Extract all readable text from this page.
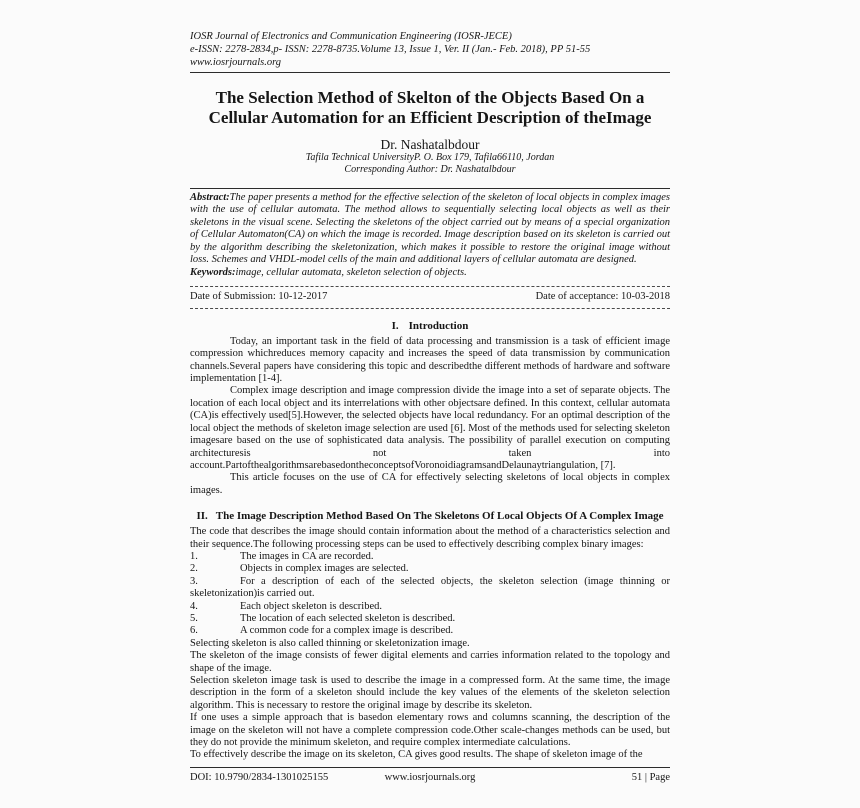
IOSR Journal of Electronics and Communication Engineering (IOSR-JECE)
e-ISSN: 2278-2834,p- ISSN: 2278-8735.Volume 13, Issue 1, Ver. II (Jan.- Feb. 2018), PP 51-55
www.iosrjournals.org
The Selection Method of Skelton of the Objects Based On a Cellular Automation for an Efficient Description of theImage
Dr. Nashatalbdour
Tafila Technical UniversityP. O. Box 179, Tafila66110, Jordan
Corresponding Author: Dr. Nashatalbdour
Abstract:The paper presents a method for the effective selection of the skeleton of local objects in complex images with the use of cellular automata. The method allows to sequentially selecting local objects as well as their skeletons in the visual scene. Selecting the skeletons of the object carried out by means of a special organization of Cellular Automaton(CA) on which the image is recorded. Image description based on its skeleton is carried out by the algorithm describing the skeletonization, which makes it possible to restore the original image without loss. Schemes and VHDL-model cells of the main and additional layers of cellular automata are designed.
Keywords:image, cellular automata, skeleton selection of objects.
Date of Submission: 10-12-2017	Date of acceptance: 10-03-2018
I. Introduction

Today, an important task in the field of data processing and transmission is a task of efficient image compression whichreduces memory capacity and increases the speed of data transmission by communication channels.Several papers have considering this topic and describedthe different methods of hardware and software implementation [1-4].

Complex image description and image compression divide the image into a set of separate objects. The location of each local object and its interrelations with other objectsare defined. In this context, cellular automata (CA)is effectively used[5].However, the selected objects have local redundancy. For an optimal description of the local object the methods of skeleton image selection are used [6]. Most of the methods used for selecting skeleton imagesare based on the use of sophisticated data analysis. The possibility of parallel execution on computing architecturesis not taken into account.PartofthealgorithmsarebasedontheconceptsofVoronoidiagramsandDelaunaytriangulation, [7].

This article focuses on the use of CA for effectively selecting skeletons of local objects in complex images.

II. The Image Description Method Based On The Skeletons Of Local Objects Of A Complex Image

The code that describes the image should contain information about the method of a characteristics selection and their sequence.The following processing steps can be used to effectively describing complex binary images:

1.	The images in CA are recorded.
2.	Objects in complex images are selected.
3.	For a description of each of the selected objects, the skeleton selection (image thinning or skeletonization)is carried out.
4.	Each object skeleton is described.
5.	The location of each selected skeleton is described.
6.	A common code for a complex image is described.

Selecting skeleton is also called thinning or skeletonization image.

The skeleton of the image consists of fewer digital elements and carries information related to the topology and shape of the image.

Selection skeleton image task is used to describe the image in a compressed form. At the same time, the image description in the form of a skeleton should include the key values of the elements of the skeleton selection algorithm. This is necessary to restore the original image by describe its skeleton.

If one uses a simple approach that is basedon elementary rows and columns scanning, the description of the image on the skeleton will not have a complete compression code.Other scale-changes methods can be used, but they do not provide the minimum skeleton, and require complex intermediate calculations.

To effectively describe the image on its skeleton, CA gives good results. The shape of skeleton image of the

DOI: 10.9790/2834-1301025155	www.iosrjournals.org	51 | Page
